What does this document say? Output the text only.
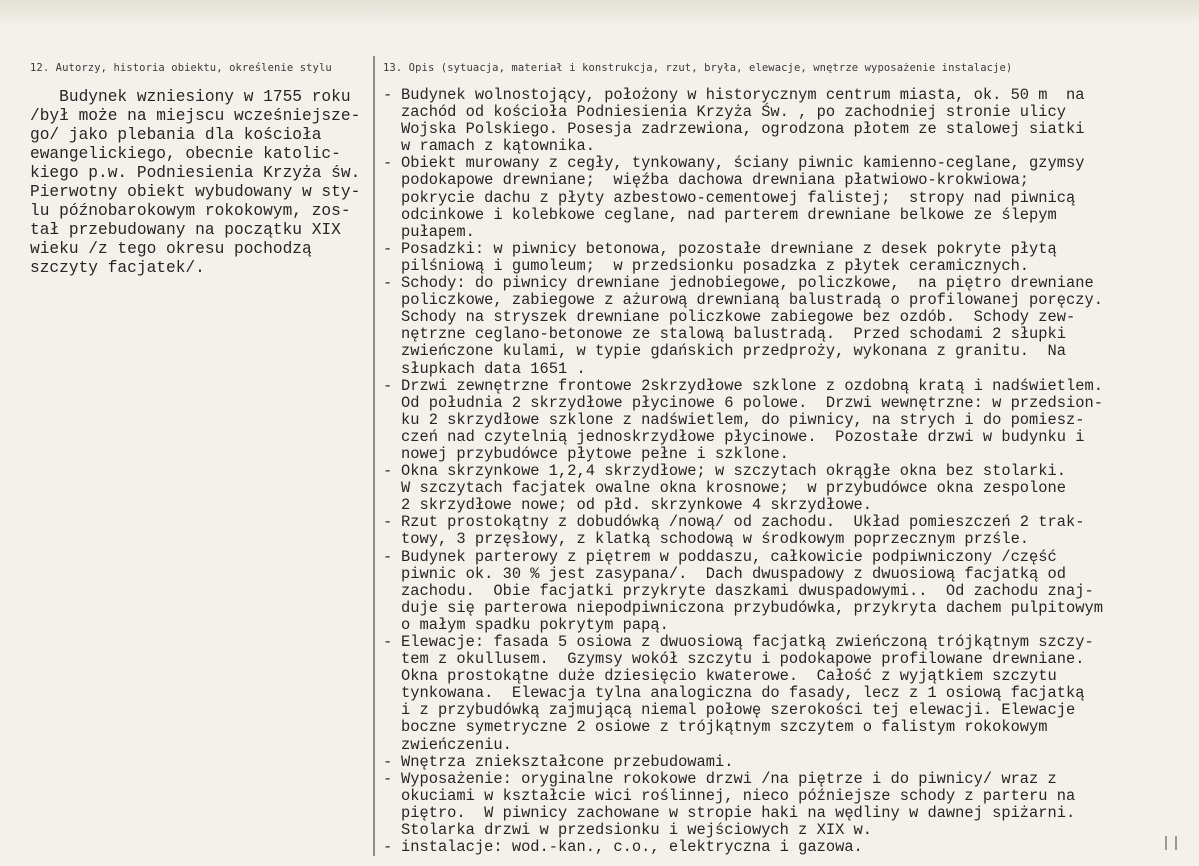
12. Autorzy, historia obiektu, określenie stylu	13. Opis (sytuacja, materiał i konstrukcja, rzut, bryła, elewacje, wnętrze wyposażenie instalacje)
Budynek wzniesiony w 1755 roku
/był może na miejscu wcześniejsze-
go/ jako plebania dla kościoła
ewangelickiego, obecnie katolic-
kiego p.w. Podniesienia Krzyża św.
Pierwotny obiekt wybudowany w sty-
lu późnobarokowym rokokowym, zos-
tał przebudowany na początku XIX
wieku /z tego okresu pochodzą
szczyty facjatek/.
- Budynek wolnostojący, położony w historycznym centrum miasta, ok. 50 m  na
zachód od kościoła Podniesienia Krzyża Św. , po zachodniej stronie ulicy
Wojska Polskiego. Posesja zadrzewiona, ogrodzona płotem ze stalowej siatki
w ramach z kątownika.
- Obiekt murowany z cegły, tynkowany, ściany piwnic kamienno-ceglane, gzymsy
podokapowe drewniane;  więźba dachowa drewniana płatwiowo-krokwiowa;
pokrycie dachu z płyty azbestowo-cementowej falistej;  stropy nad piwnicą
odcinkowe i kolebkowe ceglane, nad parterem drewniane belkowe ze ślepym
pułapem.
- Posadzki: w piwnicy betonowa, pozostałe drewniane z desek pokryte płytą
pilśniową i gumoleum;  w przedsionku posadzka z płytek ceramicznych.
- Schody: do piwnicy drewniane jednobiegowe, policzkowe,  na piętro drewniane
policzkowe, zabiegowe z ażurową drewnianą balustradą o profilowanej poręczy.
Schody na stryszek drewniane policzkowe zabiegowe bez ozdób.  Schody zew-
nętrzne ceglano-betonowe ze stalową balustradą.  Przed schodami 2 słupki
zwieńczone kulami, w typie gdańskich przedproży, wykonana z granitu.  Na
słupkach data 1651 .
- Drzwi zewnętrzne frontowe 2skrzydłowe szklone z ozdobną kratą i nadświetlem.
Od południa 2 skrzydłowe płycinowe 6 polowe.  Drzwi wewnętrzne: w przedsion-
ku 2 skrzydłowe szklone z nadświetlem, do piwnicy, na strych i do pomiesz-
czeń nad czytelnią jednoskrzydłowe płycinowe.  Pozostałe drzwi w budynku i
nowej przybudówce płytowe pełne i szklone.
- Okna skrzynkowe 1,2,4 skrzydłowe; w szczytach okrągłe okna bez stolarki.
W szczytach facjatek owalne okna krosnowe;  w przybudówce okna zespolone
2 skrzydłowe nowe; od płd. skrzynkowe 4 skrzydłowe.
- Rzut prostokątny z dobudówką /nową/ od zachodu.  Układ pomieszczeń 2 trak-
towy, 3 przęsłowy, z klatką schodową w środkowym poprzecznym przśle.
- Budynek parterowy z piętrem w poddaszu, całkowicie podpiwniczony /część
piwnic ok. 30 % jest zasypana/.  Dach dwuspadowy z dwuosiową facjatką od
zachodu.  Obie facjatki przykryte daszkami dwuspadowymi..  Od zachodu znaj-
duje się parterowa niepodpiwniczona przybudówka, przykryta dachem pulpitowym
o małym spadku pokrytym papą.
- Elewacje: fasada 5 osiowa z dwuosiową facjatką zwieńczoną trójkątnym szczy-
tem z okullusem.  Gzymsy wokół szczytu i podokapowe profilowane drewniane.
Okna prostokątne duże dziesięcio kwaterowe.  Całość z wyjątkiem szczytu
tynkowana.  Elewacja tylna analogiczna do fasady, lecz z 1 osiową facjatką
i z przybudówką zajmującą niemal połowę szerokości tej elewacji. Elewacje
boczne symetryczne 2 osiowe z trójkątnym szczytem o falistym rokokowym
zwieńczeniu.
- Wnętrza zniekształcone przebudowami.
- Wyposażenie: oryginalne rokokowe drzwi /na piętrze i do piwnicy/ wraz z
okuciami w kształcie wici roślinnej, nieco późniejsze schody z parteru na
piętro.  W piwnicy zachowane w stropie haki na wędliny w dawnej spiżarni.
Stolarka drzwi w przedsionku i wejściowych z XIX w.
- instalacje: wod.-kan., c.o., elektryczna i gazowa.
